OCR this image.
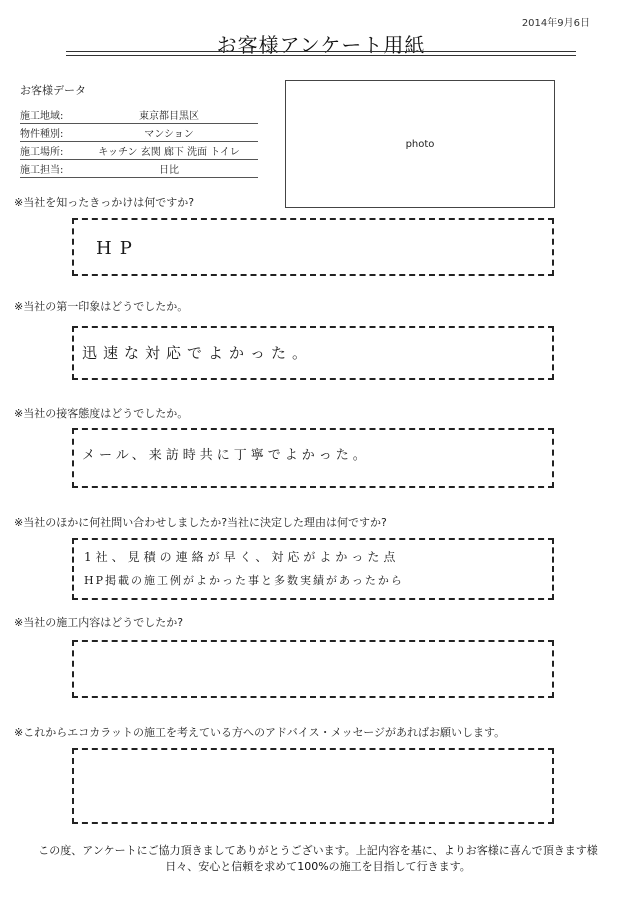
2014年9月6日
お客様アンケート用紙
お客様データ
施工地域:	東京都目黒区
物件種別:	マンション
施工場所:	キッチン 玄関 廊下 洗面 トイレ
施工担当:	日比
photo
※当社を知ったきっかけは何ですか?
HP
※当社の第一印象はどうでしたか。
迅速な対応でよかった。
※当社の接客態度はどうでしたか。
メール、来訪時共に丁寧でよかった。
※当社のほかに何社問い合わせしましたか?当社に決定した理由は何ですか?
1社、見積の連絡が早く、対応がよかった点
HP掲載の施工例がよかった事と多数実績があったから
※当社の施工内容はどうでしたか?
※これからエコカラットの施工を考えている方へのアドバイス・メッセージがあればお願いします。
この度、アンケートにご協力頂きましてありがとうございます。上記内容を基に、よりお客様に喜んで頂きます様
日々、安心と信頼を求めて100%の施工を目指して行きます。
